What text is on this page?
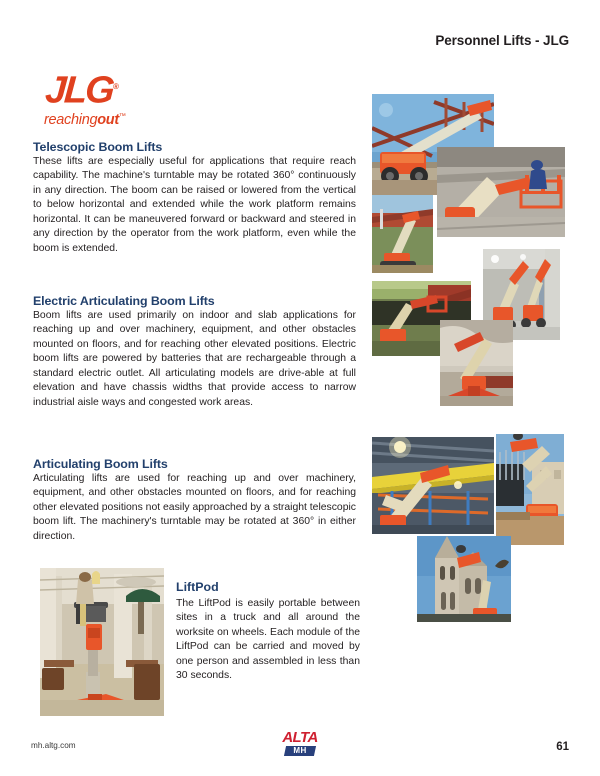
Personnel Lifts - JLG
JLG®
reachingout™
Telescopic Boom Lifts
These lifts are especially useful for applications that require reach capability. The machine's turntable may be rotated 360° continuously in any direction. The boom can be raised or lowered from the vertical to below horizontal and extended while the work platform remains horizontal. It can be maneuvered forward or backward and steered in any direction by the operator from the work platform, even while the boom is extended.
Electric Articulating Boom Lifts
Boom lifts are used primarily on indoor and slab applications for reaching up and over machinery, equipment, and other obstacles mounted on floors, and for reaching other elevated positions. Electric boom lifts are powered by batteries that are rechargeable through a standard electric outlet. All articulating models are drive-able at full elevation and have chassis widths that provide access to narrow industrial aisle ways and congested work areas.
Articulating Boom Lifts
Articulating lifts are used for reaching up and over machinery, equipment, and other obstacles mounted on floors, and for reaching other elevated positions not easily approached by a straight telescopic boom lift. The machinery's turntable may be rotated at 360° in either direction.
LiftPod
The LiftPod is easily portable between sites in a truck and all around the worksite on wheels. Each module of the LiftPod can be carried and moved by one person and assembled in less than 30 seconds.
mh.altg.com	ALTA
MH	61
